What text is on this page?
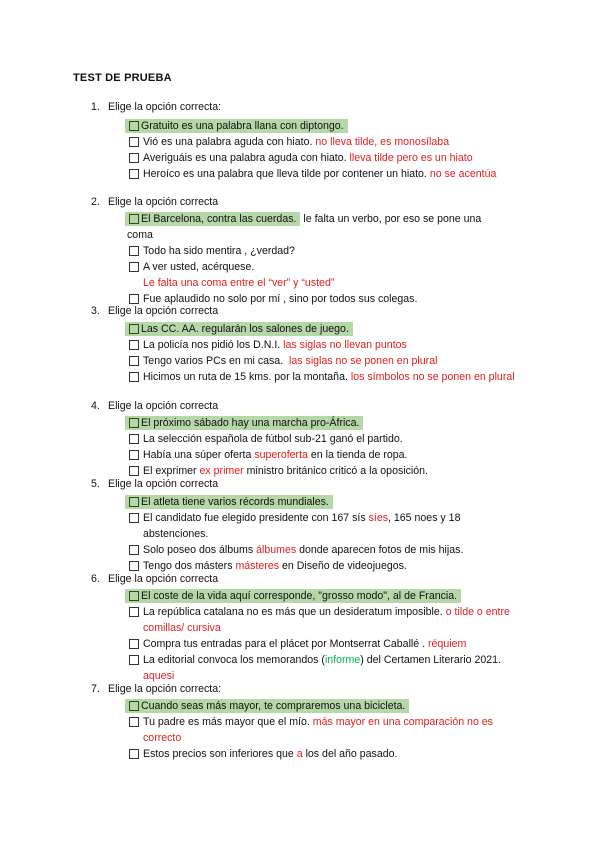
TEST DE PRUEBA
1. Elige la opción correcta:
Gratuito es una palabra llana con diptongo.
Vió es una palabra aguda con hiato. no lleva tilde, es monosílaba
Averiguáis es una palabra aguda con hiato. lleva tilde pero es un hiato
Heroíco es una palabra que lleva tilde por contener un hiato. no se acentúa
2. Elige la opción correcta
El Barcelona, contra las cuerdas. le falta un verbo, por eso se pone una coma
Todo ha sido mentira , ¿verdad?
A ver usted, acérquese.
Le falta una coma entre el “ver” y “usted”
Fue aplaudido no solo por mí , sino por todos sus colegas.
3. Elige la opción correcta
Las CC. AA. regularán los salones de juego.
La policía nos pidió los D.N.I. las siglas no llevan puntos
Tengo varios PCs en mi casa. las siglas no se ponen en plural
Hicimos un ruta de 15 kms. por la montaña. los símbolos no se ponen en plural
4. Elige la opción correcta
El próximo sábado hay una marcha pro-África.
La selección española de fútbol sub-21 ganó el partido.
Había una súper oferta superoferta en la tienda de ropa.
El exprimer ex primer ministro británico criticó a la oposición.
5. Elige la opción correcta
El atleta tiene varios récords mundiales.
El candidato fue elegido presidente con 167 sís síes, 165 noes y 18 abstenciones.
Solo poseo dos álbums álbumes donde aparecen fotos de mis hijas.
Tengo dos másters másteres en Diseño de videojuegos.
6. Elige la opción correcta
El coste de la vida aquí corresponde, "grosso modo", al de Francia.
La república catalana no es más que un desideratum imposible. o tilde o entre comillas/ cursiva
Compra tus entradas para el plácet por Montserrat Caballé . réquiem
La editorial convoca los memorandos (informe) del Certamen Literario 2021. aquesi
7. Elige la opción correcta:
Cuando seas más mayor, te compraremos una bicicleta.
Tu padre es más mayor que el mío. más mayor en una comparación no es correcto
Estos precios son inferiores que a los del año pasado.
